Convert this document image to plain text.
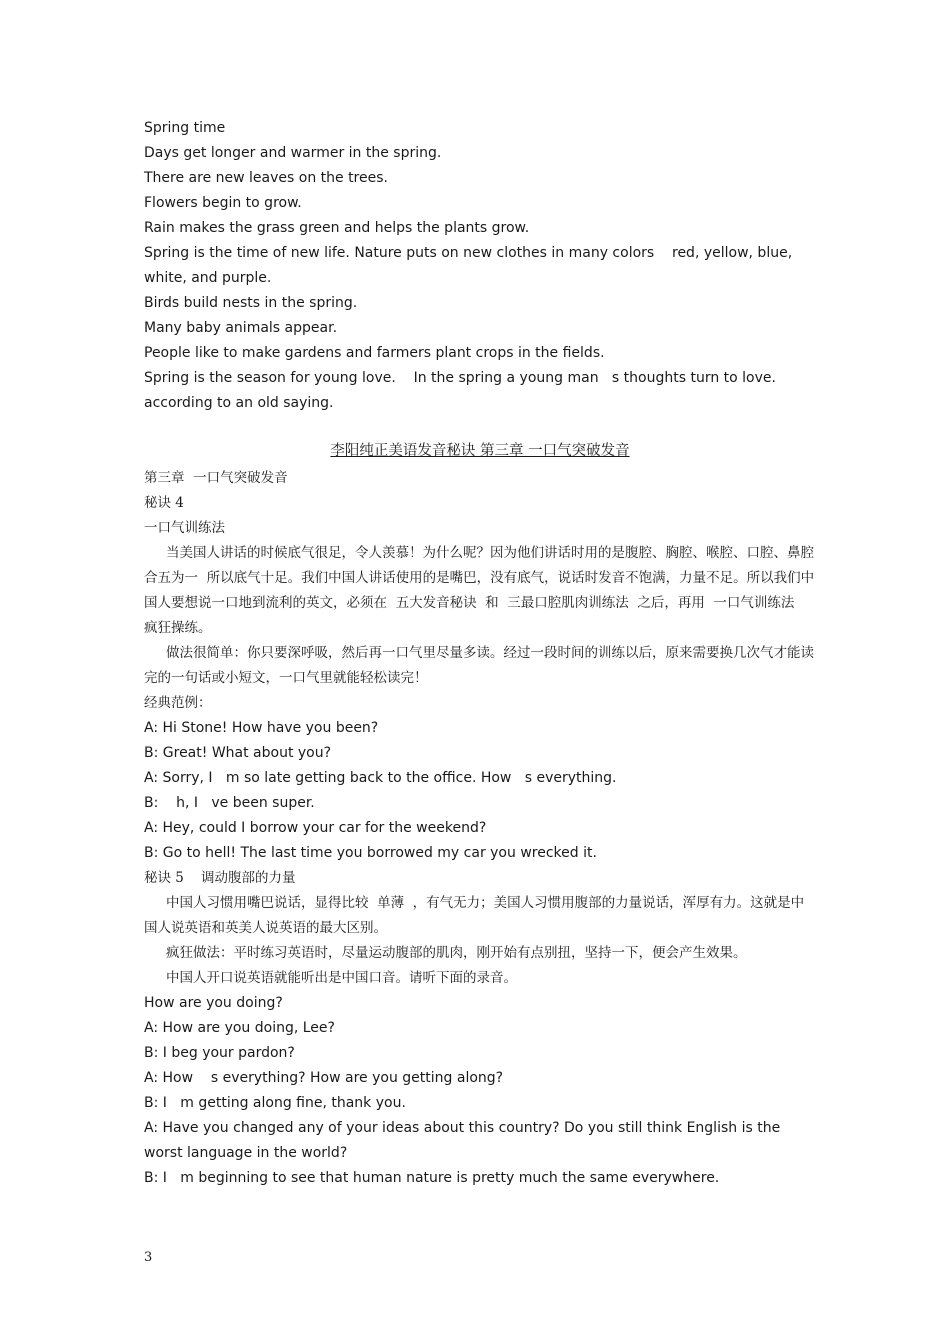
Spring time

Days get longer and warmer in the spring.

There are new leaves on the trees.

Flowers begin to grow.

Rain makes the grass green and helps the plants grow.

Spring is the time of new life. Nature puts on new clothes in many colors    red, yellow, blue,

white, and purple.

Birds build nests in the spring.

Many baby animals appear.

People like to make gardens and farmers plant crops in the fields.

Spring is the season for young love.    In the spring a young man   s thoughts turn to love.

according to an old saying.

李阳纯正美语发音秘诀 第三章 一口气突破发音

第三章  一口气突破发音

秘诀 4

一口气训练法

当美国人讲话的时候底气很足，令人羡慕！为什么呢？因为他们讲话时用的是腹腔、胸腔、喉腔、口腔、鼻腔  合五为一  所以底气十足。我们中国人讲话使用的是嘴巴，没有底气，说话时发音不饱满，力量不足。所以我们中国人要想说一口地到流利的英文，必须在  五大发音秘诀  和  三最口腔肌肉训练法  之后，再用  一口气训练法  疯狂操练。

做法很简单：你只要深呼吸，然后再一口气里尽量多读。经过一段时间的训练以后，原来需要换几次气才能读完的一句话或小短文，一口气里就能轻松读完！

经典范例：

A: Hi Stone! How have you been?

B: Great! What about you?

A: Sorry, I   m so late getting back to the office. How   s everything.

B:    h, I   ve been super.

A: Hey, could I borrow your car for the weekend?

B: Go to hell! The last time you borrowed my car you wrecked it.

秘诀 5    调动腹部的力量

中国人习惯用嘴巴说话，显得比较  单薄  ，有气无力；美国人习惯用腹部的力量说话，浑厚有力。这就是中国人说英语和英美人说英语的最大区别。

疯狂做法：平时练习英语时，尽量运动腹部的肌肉，刚开始有点别扭，坚持一下，便会产生效果。

中国人开口说英语就能听出是中国口音。请听下面的录音。

How are you doing?

A: How are you doing, Lee?

B: I beg your pardon?

A: How    s everything? How are you getting along?

B: I   m getting along fine, thank you.

A: Have you changed any of your ideas about this country? Do you still think English is the

worst language in the world?

B: I   m beginning to see that human nature is pretty much the same everywhere.

3
